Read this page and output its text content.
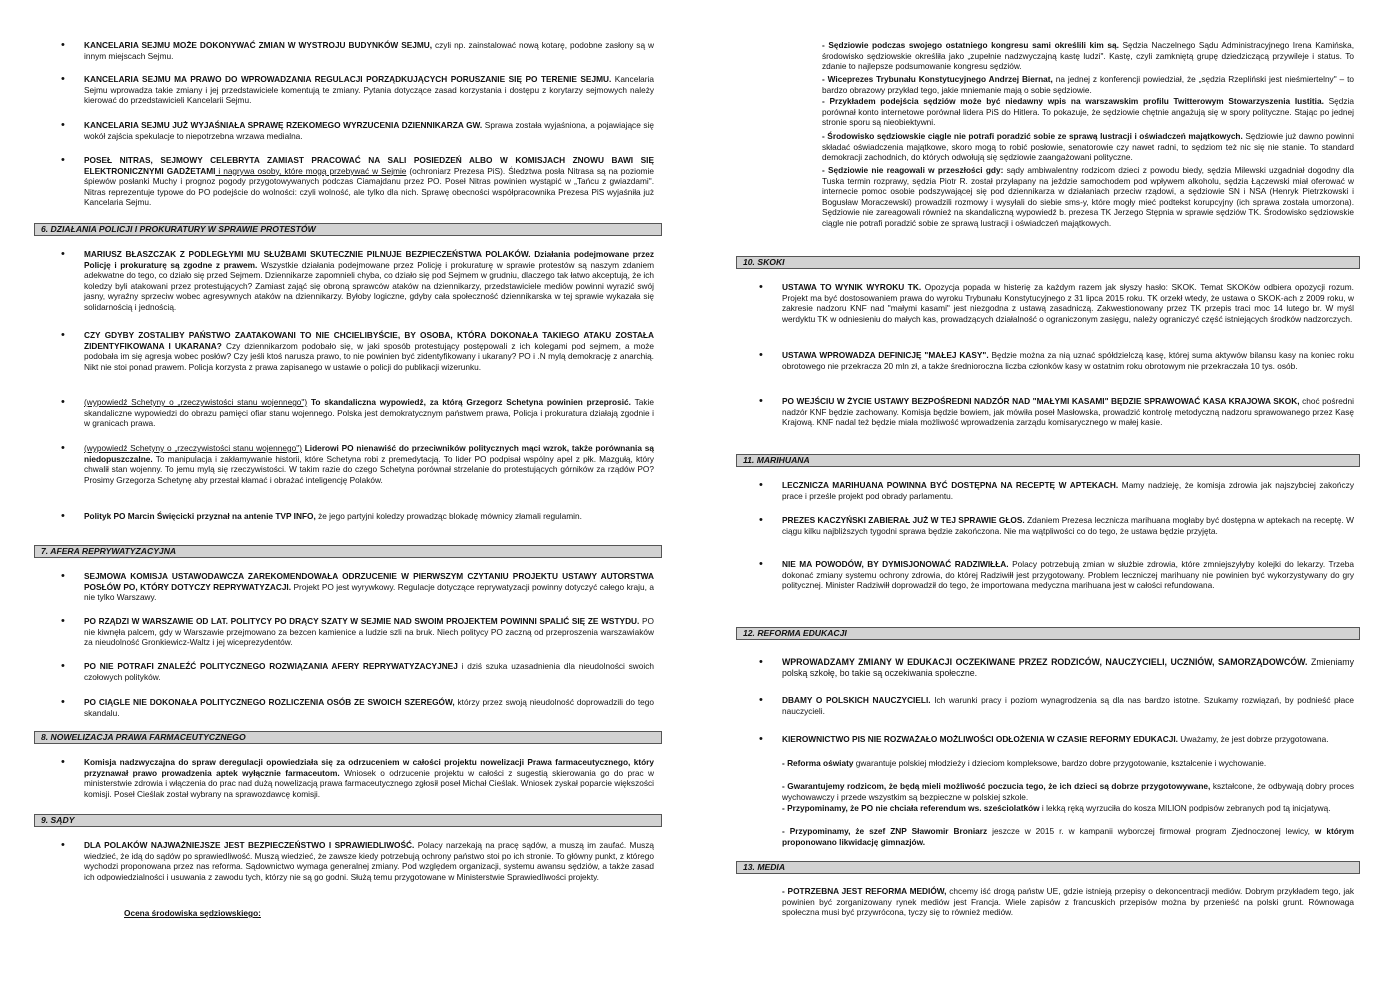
• KANCELARIA SEJMU MOŻE DOKONYWAĆ ZMIAN W WYSTROJU BUDYNKÓW SEJMU, czyli np. zainstalować nową kotarę, podobne zasłony są w innym miejscach Sejmu.
• KANCELARIA SEJMU MA PRAWO DO WPROWADZANIA REGULACJI PORZĄDKUJĄCYCH PORUSZANIE SIĘ PO TERENIE SEJMU. Kancelaria Sejmu wprowadza takie zmiany i jej przedstawiciele komentują te zmiany. Pytania dotyczące zasad korzystania i dostępu z korytarzy sejmowych należy kierować do przedstawicieli Kancelarii Sejmu.
• KANCELARIA SEJMU JUŻ WYJAŚNIAŁA SPRAWĘ RZEKOMEGO WYRZUCENIA DZIENNIKARZA GW. Sprawa została wyjaśniona, a pojawiające się wokół zajścia spekulacje to niepotrzebna wrzawa medialna.
• POSEŁ NITRAS, SEJMOWY CELEBRYTA ZAMIAST PRACOWAĆ NA SALI POSIEDZEŃ ALBO W KOMISJACH ZNOWU BAWI SIĘ ELEKTRONICZNYMI GADŻETAMI i nagrywa osoby, które mogą przebywać w Sejmie (ochroniarz Prezesa PiS). Śledztwa posła Nitrasa są na poziomie śpiewów posłanki Muchy i prognoz pogody przygotowywanych podczas Ciamajdanu przez PO. Poseł Nitras powinien wystąpić w „Tańcu z gwiazdami". Nitras reprezentuje typowe do PO podejście do wolności: czyli wolność, ale tylko dla nich. Sprawę obecności współpracownika Prezesa PiS wyjaśniła już Kancelaria Sejmu.
6. DZIAŁANIA POLICJI I PROKURATURY W SPRAWIE PROTESTÓW
• MARIUSZ BŁASZCZAK Z PODLEGŁYMI MU SŁUŻBAMI SKUTECZNIE PILNUJE BEZPIECZEŃSTWA POLAKÓW. Działania podejmowane przez Policję i prokuraturę są zgodne z prawem. Wszystkie działania podejmowane przez Policję i prokuraturę w sprawie protestów są naszym zdaniem adekwatne do tego, co działo się przed Sejmem. Dziennikarze zapomnieli chyba, co działo się pod Sejmem w grudniu, dlaczego tak łatwo akceptują, że ich koledzy byli atakowani przez protestujących? Zamiast zająć się obroną sprawców ataków na dziennikarzy, przedstawiciele mediów powinni wyrazić swój jasny, wyraźny sprzeciw wobec agresywnych ataków na dziennikarzy. Byłoby logiczne, gdyby cała społeczność dziennikarska w tej sprawie wykazała się solidarnością i jednością.
• CZY GDYBY ZOSTALIBY PAŃSTWO ZAATAKOWANI TO NIE CHCIELIBYŚCIE, BY OSOBA, KTÓRA DOKONAŁA TAKIEGO ATAKU ZOSTAŁA ZIDENTYFIKOWANA I UKARANA? Czy dziennikarzom podobało się, w jaki sposób protestujący postępowali z ich kolegami pod sejmem, a może podobała im się agresja wobec posłów? Czy jeśli ktoś narusza prawo, to nie powinien być zidentyfikowany i ukarany? PO i .N mylą demokrację z anarchią. Nikt nie stoi ponad prawem. Policja korzysta z prawa zapisanego w ustawie o policji do publikacji wizerunku.
• (wypowiedź Schetyny o „rzeczywistości stanu wojennego") To skandaliczna wypowiedź, za którą Grzegorz Schetyna powinien przeprosić. Takie skandaliczne wypowiedzi do obrazu pamięci ofiar stanu wojennego. Polska jest demokratycznym państwem prawa, Policja i prokuratura działają zgodnie i w granicach prawa.
• (wypowiedź Schetyny o „rzeczywistości stanu wojennego") Liderowi PO nienawiść do przeciwników politycznych mąci wzrok, także porównania są niedopuszczalne. To manipulacja i zakłamywanie historii, które Schetyna robi z premedytacją. To lider PO podpisał wspólny apel z płk. Mazgułą, który chwalił stan wojenny. To jemu mylą się rzeczywistości. W takim razie do czego Schetyna porównał strzelanie do protestujących górników za rządów PO? Prosimy Grzegorza Schetynę aby przestał kłamać i obrażać inteligencję Polaków.
• Polityk PO Marcin Święcicki przyznał na antenie TVP INFO, że jego partyjni koledzy prowadząc blokadę mównicy złamali regulamin.
7. AFERA REPRYWATYZACYJNA
• SEJMOWA KOMISJA USTAWODAWCZA ZAREKOMENDOWAŁA ODRZUCENIE W PIERWSZYM CZYTANIU PROJEKTU USTAWY AUTORSTWA POSŁÓW PO, KTÓRY DOTYCZY REPRYWATYZACJI. Projekt PO jest wyrywkowy. Regulacje dotyczące reprywatyzacji powinny dotyczyć całego kraju, a nie tylko Warszawy.
• PO RZĄDZI W WARSZAWIE OD LAT. POLITYCY PO DRĄCY SZATY W SEJMIE NAD SWOIM PROJEKTEM POWINNI SPALIĆ SIĘ ZE WSTYDU. PO nie kiwnęła palcem, gdy w Warszawie przejmowano za bezcen kamienice a ludzie szli na bruk. Niech politycy PO zaczną od przeproszenia warszawiaków za nieudolność Gronkiewicz-Waltz i jej wiceprezydentów.
• PO NIE POTRAFI ZNALEŹĆ POLITYCZNEGO ROZWIĄZANIA AFERY REPRYWATYZACYJNEJ i dziś szuka uzasadnienia dla nieudolności swoich czołowych polityków.
• PO CIĄGLE NIE DOKONAŁA POLITYCZNEGO ROZLICZENIA OSÓB ZE SWOICH SZEREGÓW, którzy przez swoją nieudolność doprowadzili do tego skandalu.
8. NOWELIZACJA PRAWA FARMACEUTYCZNEGO
• Komisja nadzwyczajna do spraw deregulacji opowiedziała się za odrzuceniem w całości projektu nowelizacji Prawa farmaceutycznego, który przyznawał prawo prowadzenia aptek wyłącznie farmaceutom. Wniosek o odrzucenie projektu w całości z sugestią skierowania go do prac w ministerstwie zdrowia i włączenia do prac nad dużą nowelizacją prawa farmaceutycznego zgłosił poseł Michał Cieślak. Wniosek zyskał poparcie większości komisji. Poseł Cieślak został wybrany na sprawozdawcę komisji.
9. SĄDY
• DLA POLAKÓW NAJWAŻNIEJSZE JEST BEZPIECZEŃSTWO I SPRAWIEDLIWOŚĆ. Polacy narzekają na pracę sądów, a muszą im zaufać. Muszą wiedzieć, że idą do sądów po sprawiedliwość. Muszą wiedzieć, że zawsze kiedy potrzebują ochrony państwo stoi po ich stronie. To główny punkt, z którego wychodzi proponowana przez nas reforma. Sądownictwo wymaga generalnej zmiany. Pod względem organizacji, systemu awansu sędziów, a także zasad ich odpowiedzialności i usuwania z zawodu tych, którzy nie są go godni. Służą temu przygotowane w Ministerstwie Sprawiedliwości projekty.
Ocena środowiska sędziowskiego:
- Sędziowie podczas swojego ostatniego kongresu sami określili kim są. Sędzia Naczelnego Sądu Administracyjnego Irena Kamińska, środowisko sędziowskie określiła jako „zupełnie nadzwyczajną kastę ludzi". Kastę, czyli zamkniętą grupę dziedziczącą przywileje i status. To zdanie to najlepsze podsumowanie kongresu sędziów.
- Wiceprezes Trybunału Konstytucyjnego Andrzej Biernat, na jednej z konferencji powiedział, że „sędzia Rzepliński jest nieśmiertelny" – to bardzo obrazowy przykład tego, jakie mniemanie mają o sobie sędziowie.
- Przykładem podejścia sędziów może być niedawny wpis na warszawskim profilu Twitterowym Stowarzyszenia Iustitia. Sędzia porównał konto internetowe porównał lidera PiS do Hitlera. To pokazuje, że sędziowie chętnie angażują się w spory polityczne. Stając po jednej stronie sporu są nieobiektywni.
- Środowisko sędziowskie ciągle nie potrafi poradzić sobie ze sprawą lustracji i oświadczeń majątkowych. Sędziowie już dawno powinni składać oświadczenia majątkowe, skoro mogą to robić posłowie, senatorowie czy nawet radni, to sędziom też nic się nie stanie. To standard demokracji zachodnich, do których odwołują się sędziowie zaangażowani polityczne.
- Sędziowie nie reagowali w przeszłości gdy: sądy ambiwalentny rodzicom dzieci z powodu biedy, sędzia Milewski uzgadniał dogodny dla Tuska termin rozprawy, sędzia Piotr R. został przyłapany na jeździe samochodem pod wpływem alkoholu, sędzia Łączewski miał oferować w internecie pomoc osobie podszywającej się pod dziennikarza w działaniach przeciw rządowi, a sędziowie SN i NSA (Henryk Pietrzkowski i Bogusław Moraczewski) prowadzili rozmowy i wysyłali do siebie sms-y, które mogły mieć podtekst korupcyjny (ich sprawa została umorzona). Sędziowie nie zareagowali również na skandaliczną wypowiedź b. prezesa TK Jerzego Stępnia w sprawie sędziów TK. Środowisko sędziowskie ciągle nie potrafi poradzić sobie ze sprawą lustracji i oświadczeń majątkowych.
10. SKOKI
• USTAWA TO WYNIK WYROKU TK. Opozycja popada w histerię za każdym razem jak słyszy hasło: SKOK. Temat SKOKów odbiera opozycji rozum. Projekt ma być dostosowaniem prawa do wyroku Trybunału Konstytucyjnego z 31 lipca 2015 roku. TK orzekł wtedy, że ustawa o SKOK-ach z 2009 roku, w zakresie nadzoru KNF nad "małymi kasami" jest niezgodna z ustawą zasadniczą. Zakwestionowany przez TK przepis traci moc 14 lutego br. W myśl werdyktu TK w odniesieniu do małych kas, prowadzących działalność o ograniczonym zasięgu, należy ograniczyć część istniejących środków nadzorczych.
• USTAWA WPROWADZA DEFINICJĘ "MAŁEJ KASY". Będzie można za nią uznać spółdzielczą kasę, której suma aktywów bilansu kasy na koniec roku obrotowego nie przekracza 20 mln zł, a także średnioroczna liczba członków kasy w ostatnim roku obrotowym nie przekraczała 10 tys. osób.
• PO WEJŚCIU W ŻYCIE USTAWY BEZPOŚREDNI NADZÓR NAD "MAŁYMI KASAMI" BĘDZIE SPRAWOWAĆ KASA KRAJOWA SKOK, choć pośredni nadzór KNF będzie zachowany. Komisja będzie bowiem, jak mówiła poseł Masłowska, prowadzić kontrolę metodyczną nadzoru sprawowanego przez Kasę Krajową. KNF nadal też będzie miała możliwość wprowadzenia zarządu komisarycznego w małej kasie.
11. MARIHUANA
• LECZNICZA MARIHUANA POWINNA BYĆ DOSTĘPNA NA RECEPTĘ W APTEKACH. Mamy nadzieję, że komisja zdrowia jak najszybciej zakończy prace i prześle projekt pod obrady parlamentu.
• PREZES KACZYŃSKI ZABIERAŁ JUŻ W TEJ SPRAWIE GŁOS. Zdaniem Prezesa lecznicza marihuana mogłaby być dostępna w aptekach na receptę. W ciągu kilku najbliższych tygodni sprawa będzie zakończona. Nie ma wątpliwości co do tego, że ustawa będzie przyjęta.
• NIE MA POWODÓW, BY DYMISJONOWAĆ RADZIWIŁŁA. Polacy potrzebują zmian w służbie zdrowia, które zmniejszyłyby kolejki do lekarzy. Trzeba dokonać zmiany systemu ochrony zdrowia, do której Radziwiłł jest przygotowany. Problem leczniczej marihuany nie powinien być wykorzystywany do gry politycznej. Minister Radziwiłł doprowadził do tego, że importowana medyczna marihuana jest w całości refundowana.
12. REFORMA EDUKACJI
• WPROWADZAMY ZMIANY W EDUKACJI OCZEKIWANE PRZEZ RODZICÓW, NAUCZYCIELI, UCZNIÓW, SAMORZĄDOWCÓW. Zmieniamy polską szkołę, bo takie są oczekiwania społeczne.
• DBAMY O POLSKICH NAUCZYCIELI. Ich warunki pracy i poziom wynagrodzenia są dla nas bardzo istotne. Szukamy rozwiązań, by podnieść płace nauczycieli.
• KIEROWNICTWO PIS NIE ROZWAŻAŁO MOŻLIWOŚCI ODŁOŻENIA W CZASIE REFORMY EDUKACJI. Uważamy, że jest dobrze przygotowana.
- Reforma oświaty gwarantuje polskiej młodzieży i dzieciom kompleksowe, bardzo dobre przygotowanie, kształcenie i wychowanie.
- Gwarantujemy rodzicom, że będą mieli możliwość poczucia tego, że ich dzieci są dobrze przygotowywane, kształcone, że odbywają dobry proces wychowawczy i przede wszystkim są bezpieczne w polskiej szkole.
- Przypominamy, że PO nie chciała referendum ws. sześciolatków i lekką ręką wyrzuciła do kosza MILION podpisów zebranych pod tą inicjatywą.
- Przypominamy, że szef ZNP Sławomir Broniarz jeszcze w 2015 r. w kampanii wyborczej firmował program Zjednoczonej lewicy, w którym proponowano likwidację gimnazjów.
13. MEDIA
- POTRZEBNA JEST REFORMA MEDIÓW, chcemy iść drogą państw UE, gdzie istnieją przepisy o dekoncentracji mediów. Dobrym przykładem tego, jak powinien być zorganizowany rynek mediów jest Francja. Wiele zapisów z francuskich przepisów można by przenieść na polski grunt. Równowaga społeczna musi być przywrócona, tyczy się to również mediów.
